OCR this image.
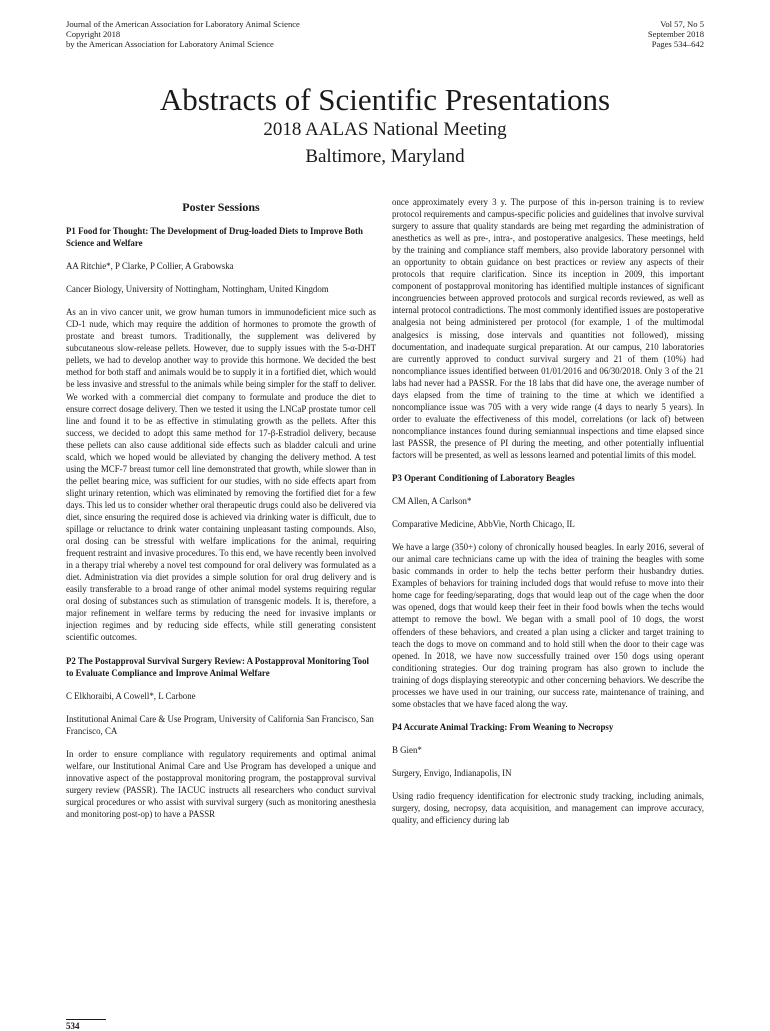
Journal of the American Association for Laboratory Animal Science
Copyright 2018
by the American Association for Laboratory Animal Science
Vol 57, No 5
September 2018
Pages 534–642
Abstracts of Scientific Presentations
2018 AALAS National Meeting
Baltimore, Maryland
Poster Sessions

P1 Food for Thought: The Development of Drug-loaded Diets to Improve Both Science and Welfare

AA Ritchie*, P Clarke, P Collier, A Grabowska

Cancer Biology, University of Nottingham, Nottingham, United Kingdom

As an in vivo cancer unit, we grow human tumors in immunodeficient mice such as CD-1 nude, which may require the addition of hormones to promote the growth of prostate and breast tumors. Traditionally, the supplement was delivered by subcutaneous slow-release pellets. However, due to supply issues with the 5-α-DHT pellets, we had to develop another way to provide this hormone. We decided the best method for both staff and animals would be to supply it in a fortified diet, which would be less invasive and stressful to the animals while being simpler for the staff to deliver. We worked with a commercial diet company to formulate and produce the diet to ensure correct dosage delivery. Then we tested it using the LNCaP prostate tumor cell line and found it to be as effective in stimulating growth as the pellets. After this success, we decided to adopt this same method for 17-β-Estradiol delivery, because these pellets can also cause additional side effects such as bladder calculi and urine scald, which we hoped would be alleviated by changing the delivery method. A test using the MCF-7 breast tumor cell line demonstrated that growth, while slower than in the pellet bearing mice, was sufficient for our studies, with no side effects apart from slight urinary retention, which was eliminated by removing the fortified diet for a few days. This led us to consider whether oral therapeutic drugs could also be delivered via diet, since ensuring the required dose is achieved via drinking water is difficult, due to spillage or reluctance to drink water containing unpleasant tasting compounds. Also, oral dosing can be stressful with welfare implications for the animal, requiring frequent restraint and invasive procedures. To this end, we have recently been involved in a therapy trial whereby a novel test compound for oral delivery was formulated as a diet. Administration via diet provides a simple solution for oral drug delivery and is easily transferable to a broad range of other animal model systems requiring regular oral dosing of substances such as stimulation of transgenic models. It is, therefore, a major refinement in welfare terms by reducing the need for invasive implants or injection regimes and by reducing side effects, while still generating consistent scientific outcomes.

P2 The Postapproval Survival Surgery Review: A Postapproval Monitoring Tool to Evaluate Compliance and Improve Animal Welfare

C Elkhoraibi, A Cowell*, L Carbone

Institutional Animal Care & Use Program, University of California San Francisco, San Francisco, CA

In order to ensure compliance with regulatory requirements and optimal animal welfare, our Institutional Animal Care and Use Program has developed a unique and innovative aspect of the postapproval monitoring program, the postapproval survival surgery review (PASSR). The IACUC instructs all researchers who conduct survival surgical procedures or who assist with survival surgery (such as monitoring anesthesia and monitoring post-op) to have a PASSR

once approximately every 3 y. The purpose of this in-person training is to review protocol requirements and campus-specific policies and guidelines that involve survival surgery to assure that quality standards are being met regarding the administration of anesthetics as well as pre-, intra-, and postoperative analgesics. These meetings, held by the training and compliance staff members, also provide laboratory personnel with an opportunity to obtain guidance on best practices or review any aspects of their protocols that require clarification. Since its inception in 2009, this important component of postapproval monitoring has identified multiple instances of significant incongruencies between approved protocols and surgical records reviewed, as well as internal protocol contradictions. The most commonly identified issues are postoperative analgesia not being administered per protocol (for example, 1 of the multimodal analgesics is missing, dose intervals and quantities not followed), missing documentation, and inadequate surgical preparation. At our campus, 210 laboratories are currently approved to conduct survival surgery and 21 of them (10%) had noncompliance issues identified between 01/01/2016 and 06/30/2018. Only 3 of the 21 labs had never had a PASSR. For the 18 labs that did have one, the average number of days elapsed from the time of training to the time at which we identified a noncompliance issue was 705 with a very wide range (4 days to nearly 5 years). In order to evaluate the effectiveness of this model, correlations (or lack of) between noncompliance instances found during semiannual inspections and time elapsed since last PASSR, the presence of PI during the meeting, and other potentially influential factors will be presented, as well as lessons learned and potential limits of this model.

P3 Operant Conditioning of Laboratory Beagles

CM Allen, A Carlson*

Comparative Medicine, AbbVie, North Chicago, IL

We have a large (350+) colony of chronically housed beagles. In early 2016, several of our animal care technicians came up with the idea of training the beagles with some basic commands in order to help the techs better perform their husbandry duties. Examples of behaviors for training included dogs that would refuse to move into their home cage for feeding/separating, dogs that would leap out of the cage when the door was opened, dogs that would keep their feet in their food bowls when the techs would attempt to remove the bowl. We began with a small pool of 10 dogs, the worst offenders of these behaviors, and created a plan using a clicker and target training to teach the dogs to move on command and to hold still when the door to their cage was opened. In 2018, we have now successfully trained over 150 dogs using operant conditioning strategies. Our dog training program has also grown to include the training of dogs displaying stereotypic and other concerning behaviors. We describe the processes we have used in our training, our success rate, maintenance of training, and some obstacles that we have faced along the way.

P4 Accurate Animal Tracking: From Weaning to Necropsy

B Gien*

Surgery, Envigo, Indianapolis, IN

Using radio frequency identification for electronic study tracking, including animals, surgery, dosing, necropsy, data acquisition, and management can improve accuracy, quality, and efficiency during lab

534
